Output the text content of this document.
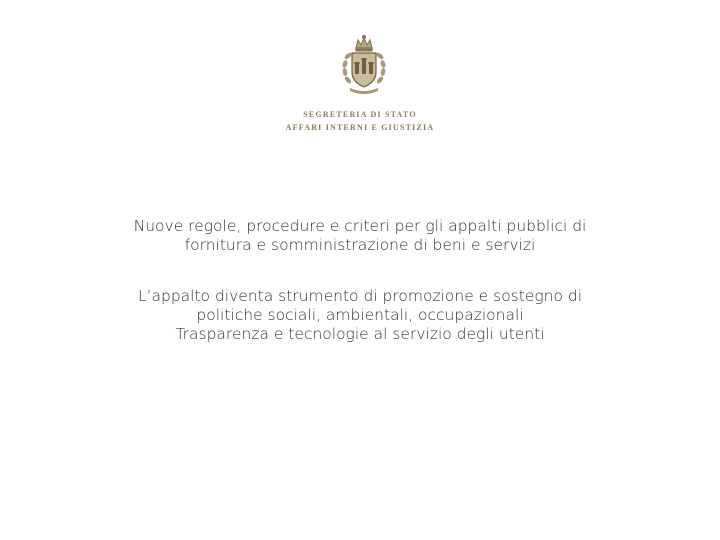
SEGRETERIA DI STATO
AFFARI INTERNI E GIUSTIZIA
Nuove regole, procedure e criteri per gli appalti pubblici di
fornitura e somministrazione di beni e servizi
L’appalto diventa strumento di promozione e sostegno di
politiche sociali, ambientali, occupazionali
Trasparenza e tecnologie al servizio degli utenti
